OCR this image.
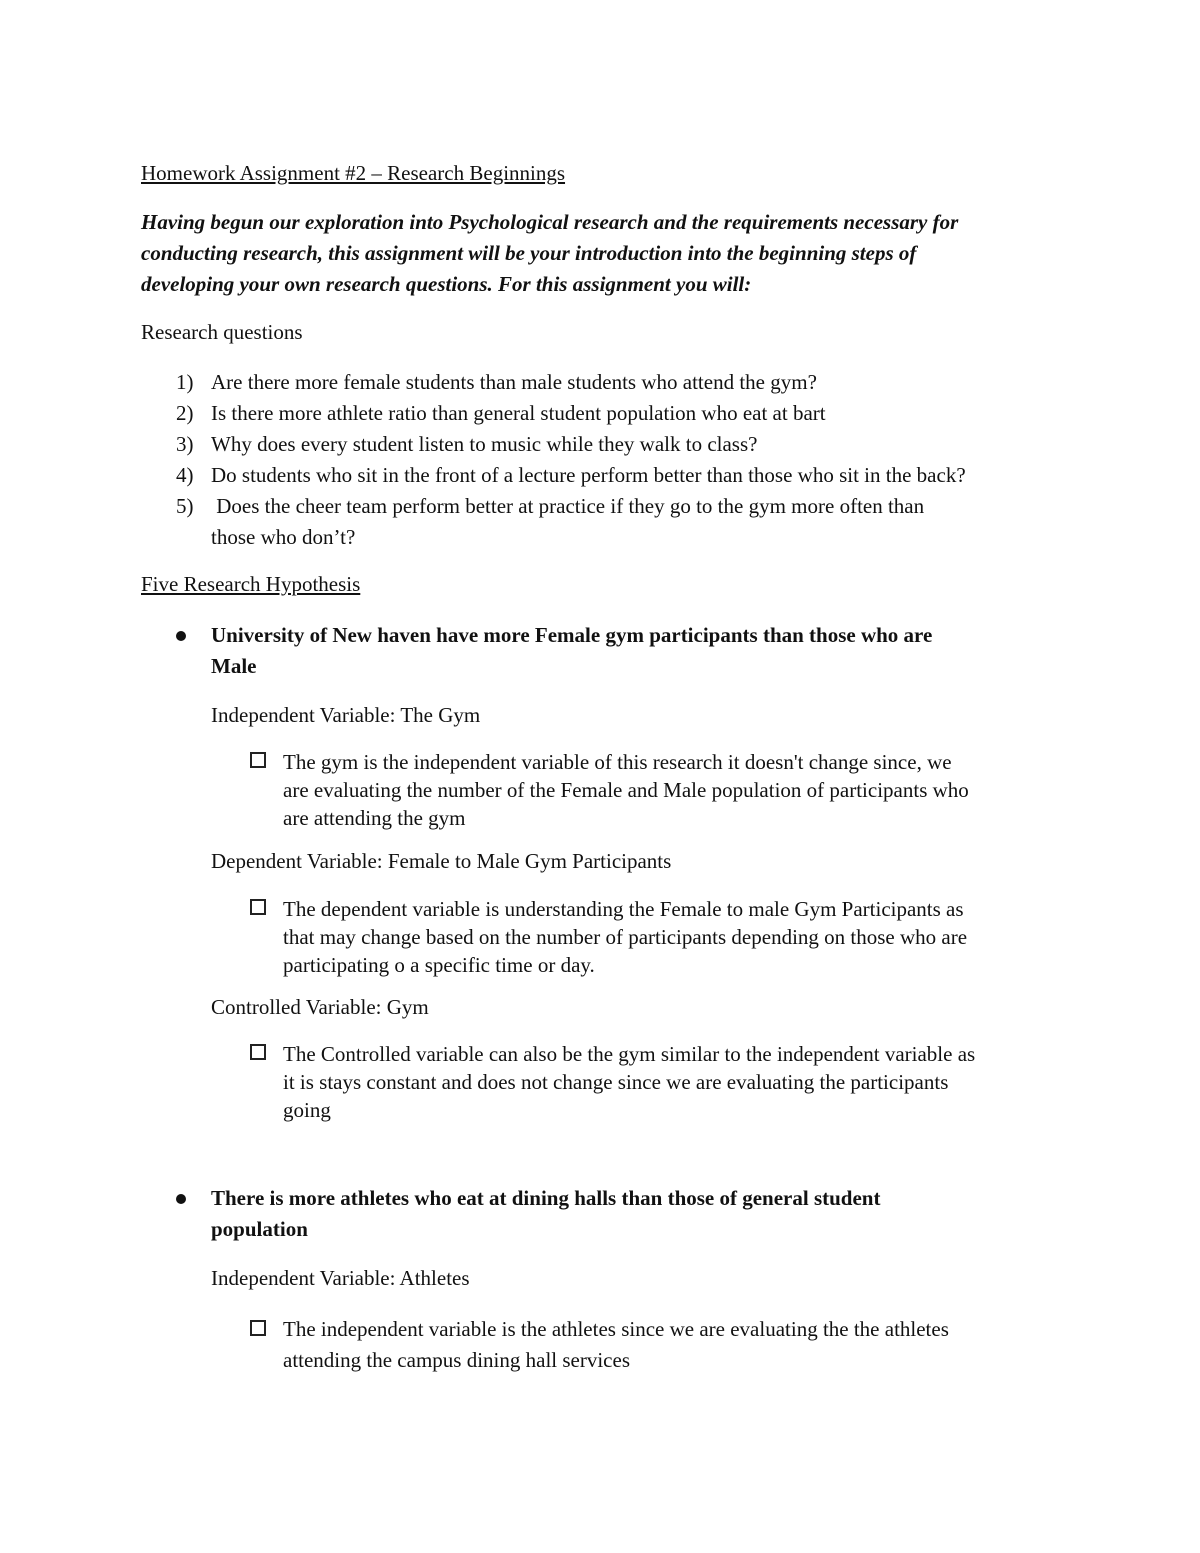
Homework Assignment #2 – Research Beginnings
Having begun our exploration into Psychological research and the requirements necessary for
conducting research, this assignment will be your introduction into the beginning steps of
developing your own research questions. For this assignment you will:
Research questions
1) Are there more female students than male students who attend the gym?
2) Is there more athlete ratio than general student population who eat at bart
3) Why does every student listen to music while they walk to class?
4) Do students who sit in the front of a lecture perform better than those who sit in the back?
5) Does the cheer team perform better at practice if they go to the gym more often than
those who don’t?
Five Research Hypothesis
University of New haven have more Female gym participants than those who are
Male
Independent Variable: The Gym
The gym is the independent variable of this research it doesn't change since, we
are evaluating the number of the Female and Male population of participants who
are attending the gym
Dependent Variable: Female to Male Gym Participants
The dependent variable is understanding the Female to male Gym Participants as
that may change based on the number of participants depending on those who are
participating o a specific time or day.
Controlled Variable: Gym
The Controlled variable can also be the gym similar to the independent variable as
it is stays constant and does not change since we are evaluating the participants
going
There is more athletes who eat at dining halls than those of general student
population
Independent Variable: Athletes
The independent variable is the athletes since we are evaluating the the athletes
attending the campus dining hall services
